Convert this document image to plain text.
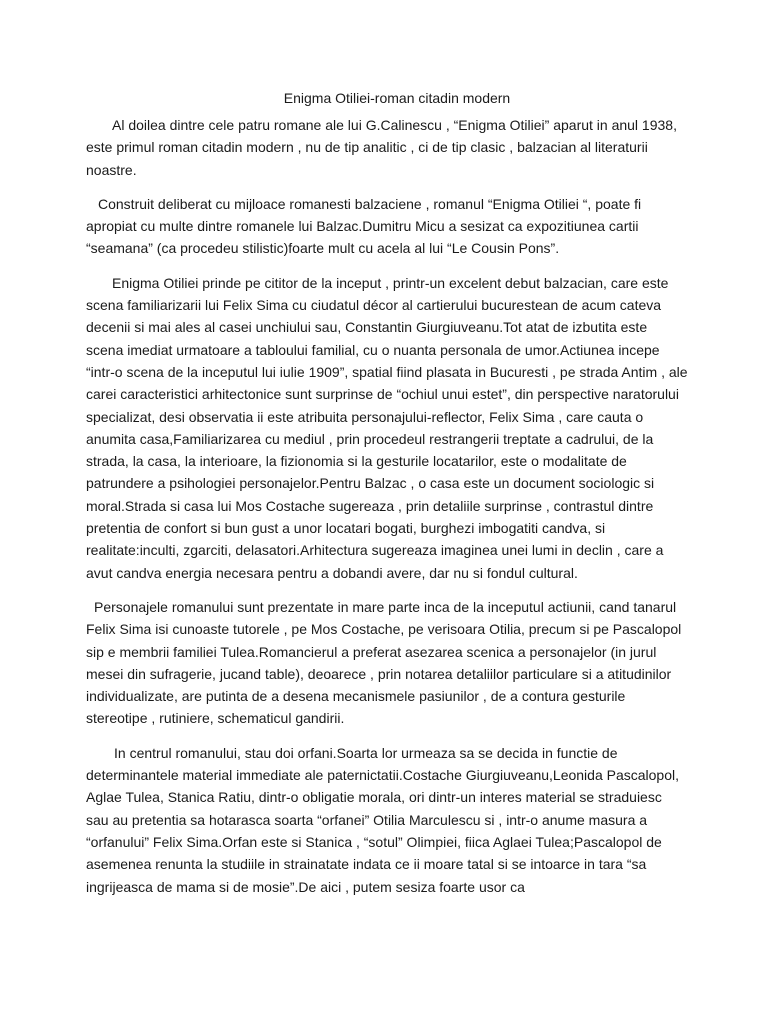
Enigma Otiliei-roman citadin modern

Al doilea dintre cele patru romane ale lui G.Calinescu , “Enigma Otiliei” aparut in anul 1938, este primul roman citadin modern , nu de tip analitic , ci de tip clasic , balzacian al literaturii noastre.

Construit deliberat cu mijloace romanesti balzaciene , romanul “Enigma Otiliei “, poate fi apropiat cu multe dintre romanele lui Balzac.Dumitru Micu a sesizat ca expozitiunea cartii “seamana” (ca procedeu stilistic)foarte mult cu acela al lui “Le Cousin Pons”.

Enigma Otiliei prinde pe cititor de la inceput , printr-un excelent debut balzacian, care este scena familiarizarii lui Felix Sima cu ciudatul décor al cartierului bucurestean de acum cateva decenii si mai ales al casei unchiului sau, Constantin Giurgiuveanu.Tot atat de izbutita este scena imediat urmatoare a tabloului familial, cu o nuanta personala de umor.Actiunea incepe “intr-o scena de la inceputul lui iulie 1909”, spatial fiind plasata in Bucuresti , pe strada Antim , ale carei caracteristici arhitectonice sunt surprinse de “ochiul unui estet”, din perspective naratorului specializat, desi observatia ii este atribuita personajului-reflector, Felix Sima , care cauta o anumita casa,Familiarizarea cu mediul , prin procedeul restrangerii treptate a cadrului, de la strada, la casa, la interioare, la fizionomia si la gesturile locatarilor, este o modalitate de patrundere a psihologiei personajelor.Pentru Balzac , o casa este un document sociologic si moral.Strada si casa lui Mos Costache sugereaza , prin detaliile surprinse , contrastul dintre pretentia de confort si bun gust a unor locatari bogati, burghezi imbogatiti candva, si realitate:inculti, zgarciti, delasatori.Arhitectura sugereaza imaginea unei lumi in declin , care a avut candva energia necesara pentru a dobandi avere, dar nu si fondul cultural.

Personajele romanului sunt prezentate in mare parte inca de la inceputul actiunii, cand tanarul Felix Sima isi cunoaste tutorele , pe Mos Costache, pe verisoara Otilia, precum si pe Pascalopol sip e membrii familiei Tulea.Romancierul a preferat asezarea scenica a personajelor (in jurul mesei din sufragerie, jucand table), deoarece , prin notarea detaliilor particulare si a atitudinilor individualizate, are putinta de a desena mecanismele pasiunilor , de a contura gesturile stereotipe , rutiniere, schematicul gandirii.

In centrul romanului, stau doi orfani.Soarta lor urmeaza sa se decida in functie de determinantele material immediate ale paternictatii.Costache Giurgiuveanu,Leonida Pascalopol, Aglae Tulea, Stanica Ratiu, dintr-o obligatie morala, ori dintr-un interes material se straduiesc sau au pretentia sa hotarasca soarta “orfanei” Otilia Marculescu si , intr-o anume masura a “orfanului” Felix Sima.Orfan este si Stanica , “sotul” Olimpiei, fiica Aglaei Tulea;Pascalopol de asemenea renunta la studiile in strainatate indata ce ii moare tatal si se intoarce in tara “sa ingrijeasca de mama si de mosie”.De aici , putem sesiza foarte usor ca
